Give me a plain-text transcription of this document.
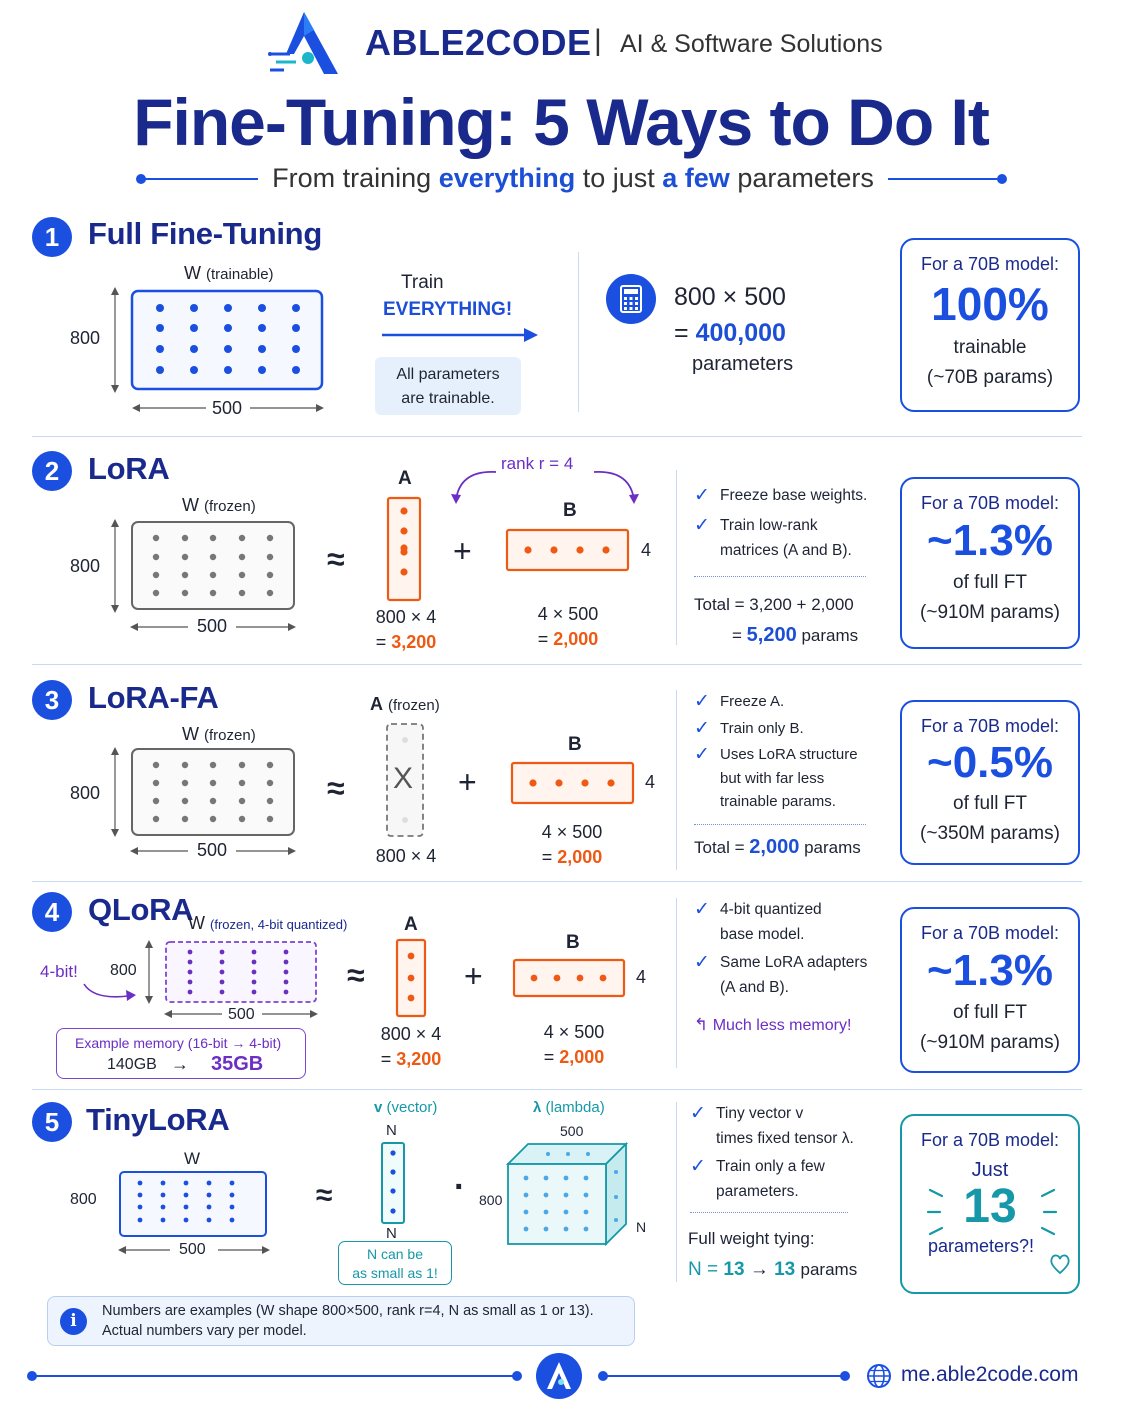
ABLE2CODE | AI & Software Solutions
Fine-Tuning: 5 Ways to Do It
From training everything to just a few parameters
1 Full Fine-Tuning
W (trainable)
800
500
Train
EVERYTHING!
All parameters
are trainable.
800 × 500
= 400,000
parameters
For a 70B model:
100%
trainable
(~70B params)
2 LoRA
W (frozen)
800
500
≈
A
rank r = 4
+
B
4
800 × 4
= 3,200
4 × 500
= 2,000
✓ Freeze base weights.
✓ Train low-rank
matrices (A and B).
Total = 3,200 + 2,000
= 5,200 params
For a 70B model:
~1.3%
of full FT
(~910M params)
3 LoRA-FA
W (frozen)
800
500
≈
A (frozen)
X +
B
4
800 × 4
4 × 500
= 2,000
✓ Freeze A.
✓ Train only B.
✓ Uses LoRA structure
but with far less
trainable params.
Total = 2,000 params
For a 70B model:
~0.5%
of full FT
(~350M params)
4 QLoRA
W (frozen, 4-bit quantized)
4-bit! 800
500
Example memory (16-bit → 4-bit)
140GB → 35GB
≈
A
+
B
4
800 × 4
= 3,200
4 × 500
= 2,000
✓ 4-bit quantized
base model.
✓ Same LoRA adapters
(A and B).
↰ Much less memory!
For a 70B model:
~1.3%
of full FT
(~910M params)
5 TinyLoRA
W
800
500
≈
v (vector)
N
N
N can be
as small as 1!
·
λ (lambda)
500
800
N
✓ Tiny vector v
times fixed tensor λ.
✓ Train only a few
parameters.
Full weight tying:
N = 13 → 13 params
For a 70B model:
Just
13
parameters?!
i	Numbers are examples (W shape 800×500, rank r=4, N as small as 1 or 13).
Actual numbers vary per model.
me.able2code.com
